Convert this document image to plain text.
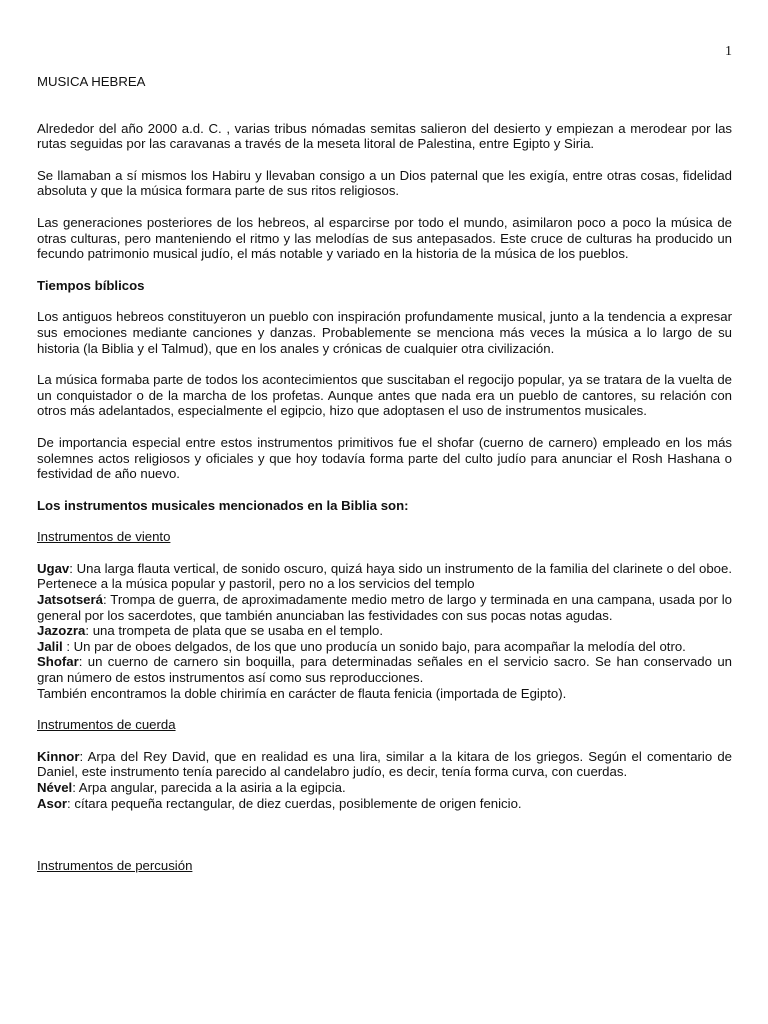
1

MUSICA HEBREA

Alrededor del año 2000 a.d. C. , varias tribus nómadas semitas salieron del desierto y empiezan a merodear por las rutas seguidas por las caravanas a través de la meseta litoral de Palestina, entre Egipto y Siria.

Se llamaban a sí mismos los Habiru y llevaban consigo a un Dios paternal que les exigía, entre otras cosas, fidelidad absoluta y que la música formara parte de sus ritos religiosos.

Las generaciones posteriores de los hebreos, al esparcirse por todo el mundo, asimilaron poco a poco la música de otras culturas, pero manteniendo el ritmo y las melodías de sus antepasados. Este cruce de culturas ha producido un fecundo patrimonio musical judío, el más notable y variado en la historia de la música de los pueblos.

Tiempos bíblicos

Los antiguos hebreos constituyeron un pueblo con inspiración profundamente musical, junto a la tendencia a expresar sus emociones mediante canciones y danzas. Probablemente se menciona más veces la música a lo largo de su historia (la Biblia y el Talmud), que en los anales y crónicas de cualquier otra civilización.

La música formaba parte de todos los acontecimientos que suscitaban el regocijo popular, ya se tratara de la vuelta de un conquistador o de la marcha de los profetas. Aunque antes que nada era un pueblo de cantores, su relación con otros más adelantados, especialmente el egipcio, hizo que adoptasen el uso de instrumentos musicales.

De importancia especial entre estos instrumentos primitivos fue el shofar (cuerno de carnero) empleado en los más solemnes actos religiosos y oficiales y que hoy todavía forma parte del culto judío para anunciar el Rosh Hashana o festividad de año nuevo.

Los instrumentos musicales mencionados en la Biblia son:

Instrumentos de viento

Ugav: Una larga flauta vertical, de sonido oscuro, quizá haya sido un instrumento de la familia del clarinete o del oboe. Pertenece a la música popular y pastoril, pero no a los servicios del templo

Jatsotserá: Trompa de guerra, de aproximadamente medio metro de largo y terminada en una campana, usada por lo general por los sacerdotes, que también anunciaban las festividades con sus pocas notas agudas.

Jazozra: una trompeta de plata que se usaba en el templo.

Jalil : Un par de oboes delgados, de los que uno producía un sonido bajo, para acompañar la melodía del otro.

Shofar: un cuerno de carnero sin boquilla, para determinadas señales en el servicio sacro. Se han conservado un gran número de estos instrumentos así como sus reproducciones.

También encontramos la doble chirimía en carácter de flauta fenicia (importada de Egipto).

Instrumentos de cuerda

Kinnor: Arpa del Rey David, que en realidad es una lira, similar a la kitara de los griegos. Según el comentario de Daniel, este instrumento tenía parecido al candelabro judío, es decir, tenía forma curva, con cuerdas.

Nével: Arpa angular, parecida a la asiria a la egipcia.

Asor: cítara pequeña rectangular, de diez cuerdas, posiblemente de origen fenicio.

Instrumentos de percusión
